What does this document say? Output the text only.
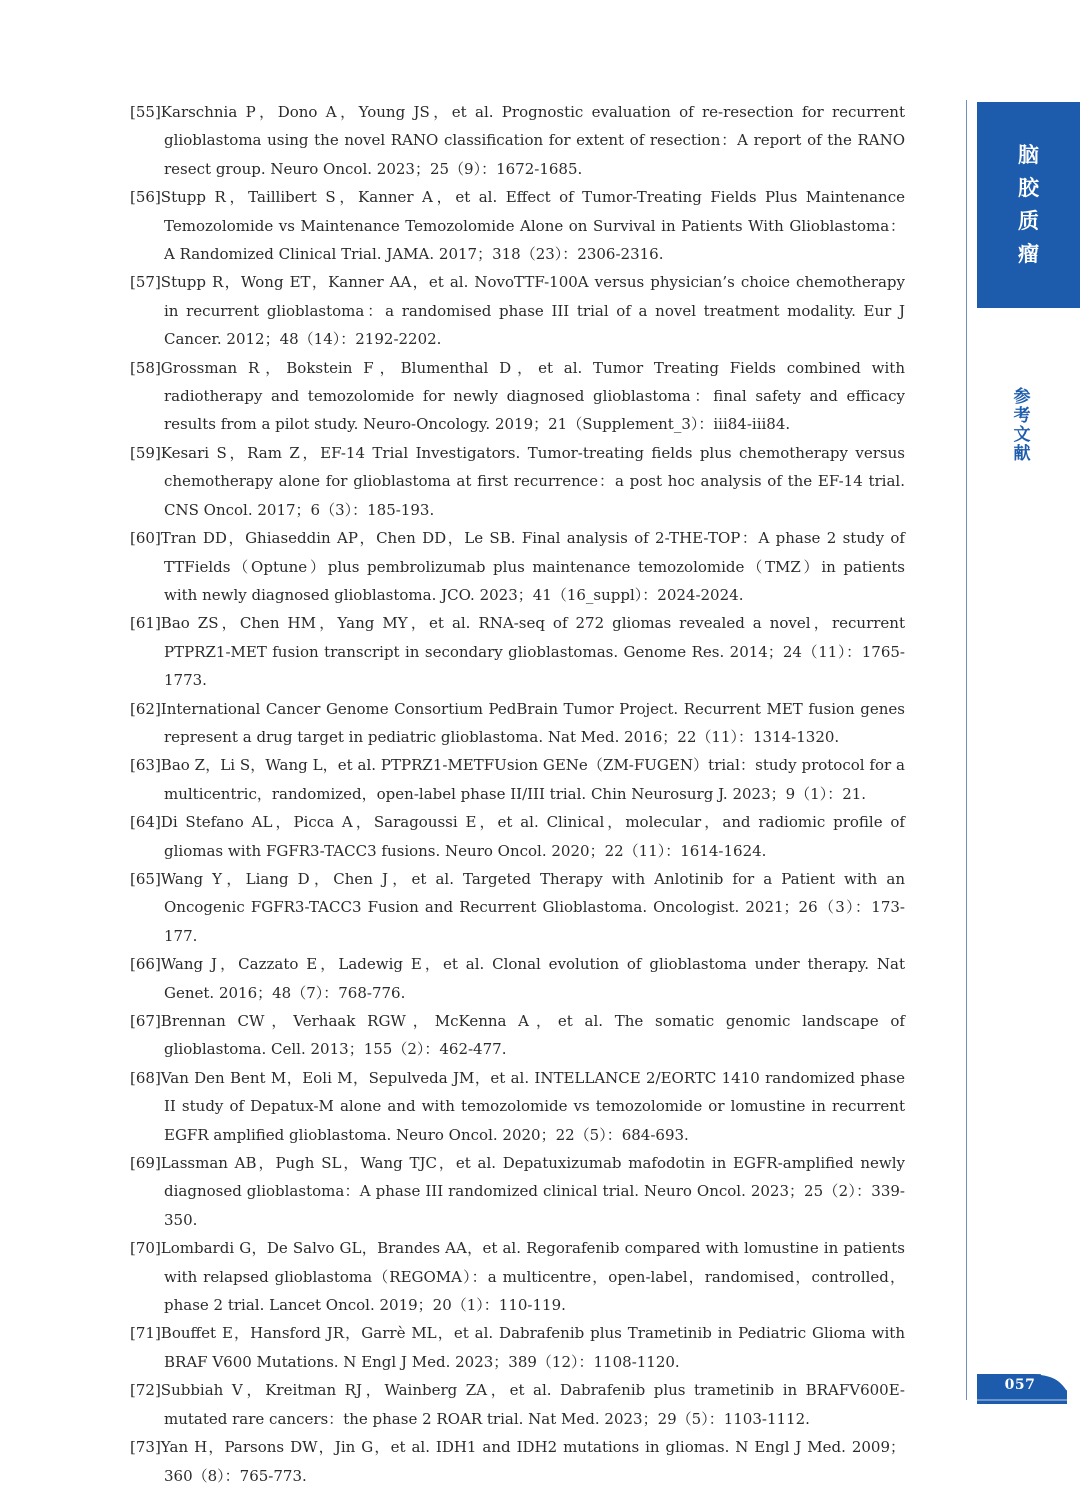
脑
胶
质
瘤
参
考
文
献
[55]Karschnia P，Dono A，Young JS，et al. Prognostic evaluation of re-resection for recurrent glioblastoma using the novel RANO classification for extent of resection：A report of the RANO resect group. Neuro Oncol. 2023；25（9）：1672-1685.
[56]Stupp R，Taillibert S，Kanner A，et al. Effect of Tumor-Treating Fields Plus Maintenance Temozolomide vs Maintenance Temozolomide Alone on Survival in Patients With Glioblastoma：A Randomized Clinical Trial. JAMA. 2017；318（23）：2306-2316.
[57]Stupp R，Wong ET，Kanner AA，et al. NovoTTF-100A versus physician’s choice chemotherapy in recurrent glioblastoma：a randomised phase III trial of a novel treatment modality. Eur J Cancer. 2012；48（14）：2192-2202.
[58]Grossman R，Bokstein F，Blumenthal D，et al. Tumor Treating Fields combined with radiotherapy and temozolomide for newly diagnosed glioblastoma：final safety and efficacy results from a pilot study. Neuro-Oncology. 2019；21（Supplement_3）：iii84-iii84.
[59]Kesari S，Ram Z，EF-14 Trial Investigators. Tumor-treating fields plus chemotherapy versus chemotherapy alone for glioblastoma at first recurrence：a post hoc analysis of the EF-14 trial. CNS Oncol. 2017；6（3）：185-193.
[60]Tran DD，Ghiaseddin AP，Chen DD，Le SB. Final analysis of 2-THE-TOP：A phase 2 study of TTFields（Optune）plus pembrolizumab plus maintenance temozolomide（TMZ）in patients with newly diagnosed glioblastoma. JCO. 2023；41（16_suppl）：2024-2024.
[61]Bao ZS，Chen HM，Yang MY，et al. RNA-seq of 272 gliomas revealed a novel，recurrent PTPRZ1-MET fusion transcript in secondary glioblastomas. Genome Res. 2014；24（11）：1765-1773.
[62]International Cancer Genome Consortium PedBrain Tumor Project. Recurrent MET fusion genes represent a drug target in pediatric glioblastoma. Nat Med. 2016；22（11）：1314-1320.
[63]Bao Z，Li S，Wang L，et al. PTPRZ1-METFUsion GENe（ZM-FUGEN）trial：study protocol for a multicentric，randomized，open-label phase II/III trial. Chin Neurosurg J. 2023；9（1）：21.
[64]Di Stefano AL，Picca A，Saragoussi E，et al. Clinical，molecular，and radiomic profile of gliomas with FGFR3-TACC3 fusions. Neuro Oncol. 2020；22（11）：1614-1624.
[65]Wang Y，Liang D，Chen J，et al. Targeted Therapy with Anlotinib for a Patient with an Oncogenic FGFR3-TACC3 Fusion and Recurrent Glioblastoma. Oncologist. 2021；26（3）：173-177.
[66]Wang J，Cazzato E，Ladewig E，et al. Clonal evolution of glioblastoma under therapy. Nat Genet. 2016；48（7）：768-776.
[67]Brennan CW，Verhaak RGW，McKenna A，et al. The somatic genomic landscape of glioblastoma. Cell. 2013；155（2）：462-477.
[68]Van Den Bent M，Eoli M，Sepulveda JM，et al. INTELLANCE 2/EORTC 1410 randomized phase II study of Depatux-M alone and with temozolomide vs temozolomide or lomustine in recurrent EGFR amplified glioblastoma. Neuro Oncol. 2020；22（5）：684-693.
[69]Lassman AB，Pugh SL，Wang TJC，et al. Depatuxizumab mafodotin in EGFR-amplified newly diagnosed glioblastoma：A phase III randomized clinical trial. Neuro Oncol. 2023；25（2）：339-350.
[70]Lombardi G，De Salvo GL，Brandes AA，et al. Regorafenib compared with lomustine in patients with relapsed glioblastoma（REGOMA）：a multicentre，open-label，randomised，controlled，phase 2 trial. Lancet Oncol. 2019；20（1）：110-119.
[71]Bouffet E，Hansford JR，Garrè ML，et al. Dabrafenib plus Trametinib in Pediatric Glioma with BRAF V600 Mutations. N Engl J Med. 2023；389（12）：1108-1120.
[72]Subbiah V，Kreitman RJ，Wainberg ZA，et al. Dabrafenib plus trametinib in BRAFV600E-mutated rare cancers：the phase 2 ROAR trial. Nat Med. 2023；29（5）：1103-1112.
[73]Yan H，Parsons DW，Jin G，et al. IDH1 and IDH2 mutations in gliomas. N Engl J Med. 2009；360（8）：765-773.
057
